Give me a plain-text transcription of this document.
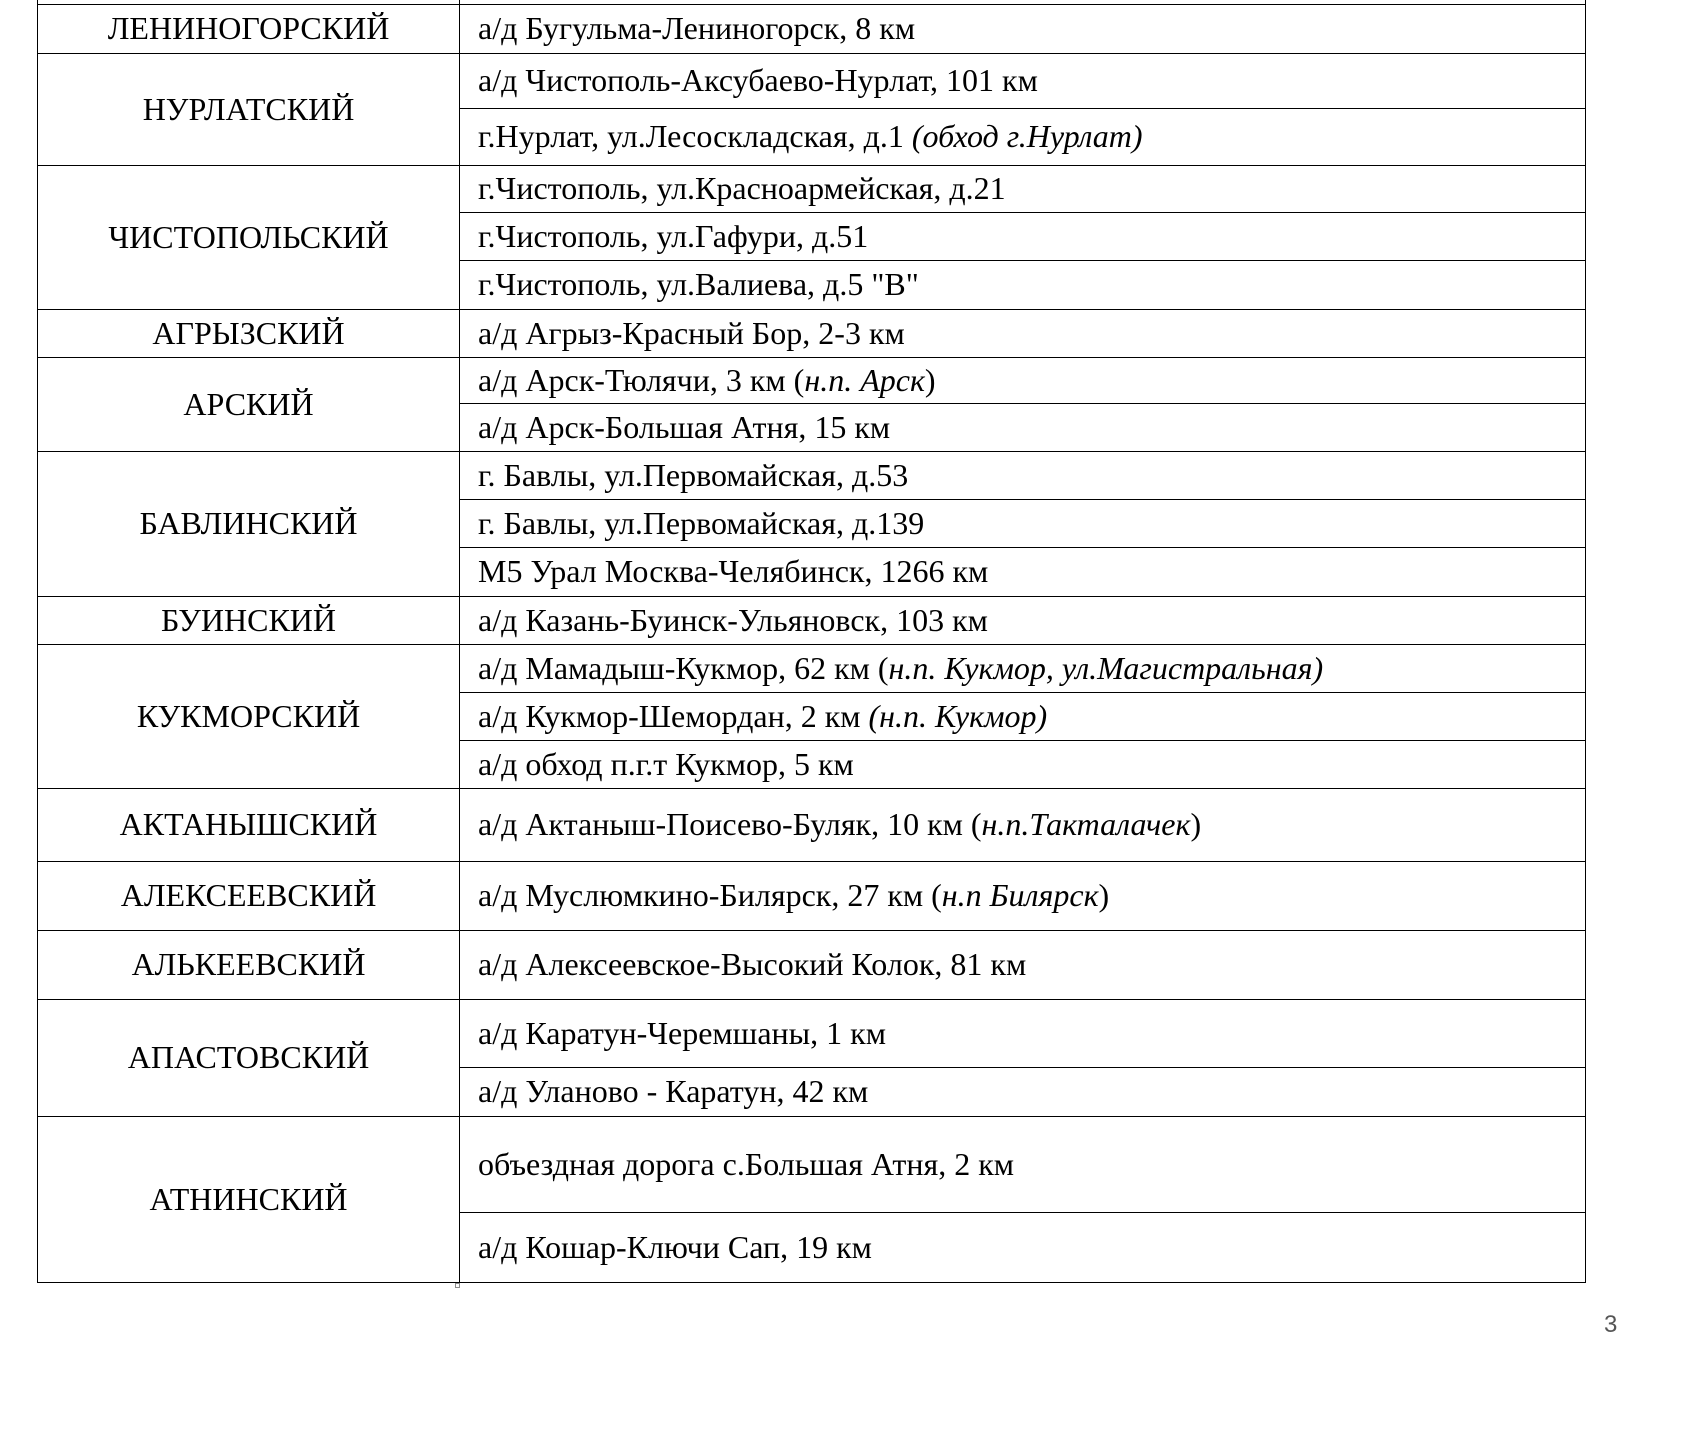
ЛЕНИНОГОРСКИЙ	а/д Бугульма-Лениногорск, 8 км
НУРЛАТСКИЙ	а/д Чистополь-Аксубаево-Нурлат, 101 км
	г.Нурлат, ул.Лесоскладская, д.1 (обход г.Нурлат)
ЧИСТОПОЛЬСКИЙ	г.Чистополь, ул.Красноармейская, д.21
	г.Чистополь, ул.Гафури, д.51
	г.Чистополь, ул.Валиева, д.5 "В"
АГРЫЗСКИЙ	а/д Агрыз-Красный Бор, 2-3 км
АРСКИЙ	а/д Арск-Тюлячи, 3 км (н.п. Арск)
	а/д Арск-Большая Атня, 15 км
БАВЛИНСКИЙ	г. Бавлы, ул.Первомайская, д.53
	г. Бавлы, ул.Первомайская, д.139
	М5 Урал Москва-Челябинск, 1266 км
БУИНСКИЙ	а/д Казань-Буинск-Ульяновск, 103 км
КУКМОРСКИЙ	а/д Мамадыш-Кукмор, 62 км (н.п. Кукмор, ул.Магистральная)
	а/д Кукмор-Шемордан, 2 км (н.п. Кукмор)
	а/д обход п.г.т Кукмор, 5 км
АКТАНЫШСКИЙ	а/д Актаныш-Поисево-Буляк, 10 км (н.п.Такталачек)
АЛЕКСЕЕВСКИЙ	а/д Муслюмкино-Билярск, 27 км (н.п Билярск)
АЛЬКЕЕВСКИЙ	а/д Алексеевское-Высокий Колок, 81 км
АПАСТОВСКИЙ	а/д Каратун-Черемшаны, 1 км
	а/д Уланово - Каратун, 42 км
АТНИНСКИЙ	объездная дорога с.Большая Атня, 2 км
	а/д Кошар-Ключи Сап, 19 км
3
